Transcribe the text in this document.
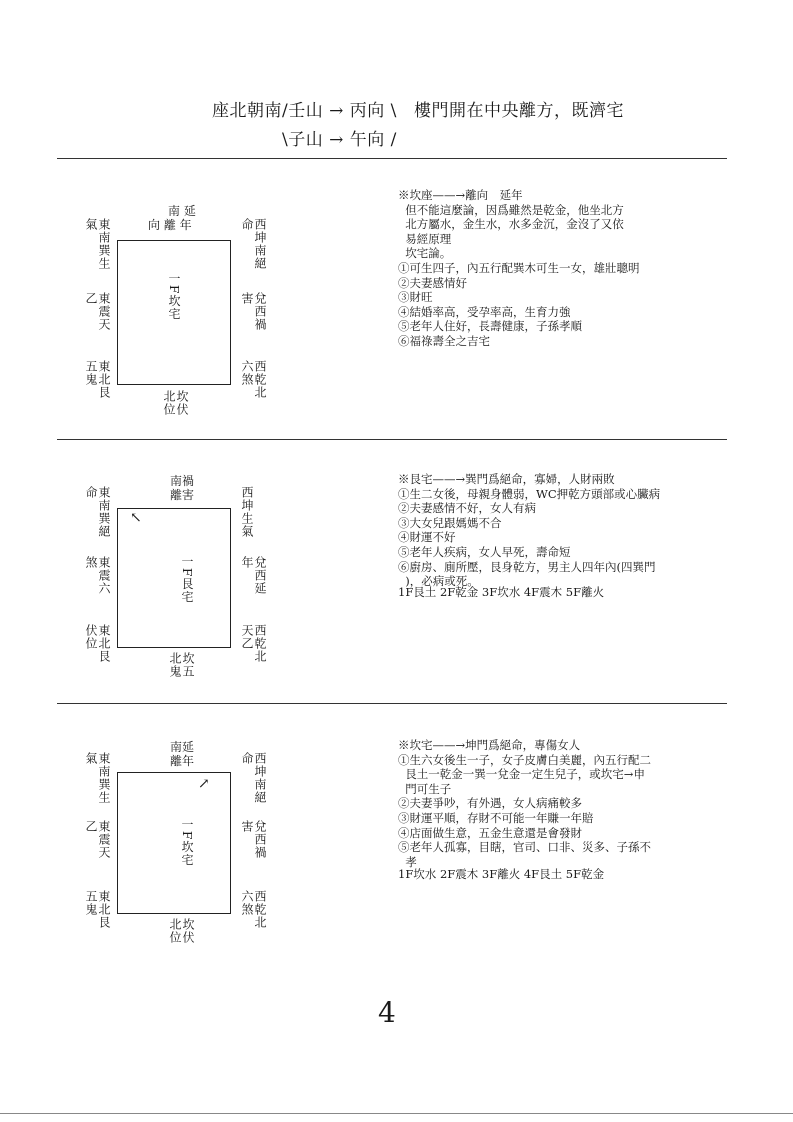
座北朝南 /壬山 → 丙向 \ 樓門開在中央離方，既濟宅
\子山 → 午向 /
南 延
向 離 年
東南巽生氣	西坤南絕命
東震天乙	兌西禍害
一F坎宅
東北艮五鬼	西乾北六煞
坎伏北位
※坎座——→離向　延年
但不能這麼論，因爲雖然是乾金，他坐北方
北方屬水，金生水，水多金沉，金沒了又依
易經原理
坎宅論。
①可生四子，內五行配巽木可生一女，雄壯聰明
②夫妻感情好
③財旺
④結婚率高，受孕率高，生育力強
⑤老年人住好，長壽健康，子孫孝順
⑥福祿壽全之吉宅
南禍
離害
東南巽絕命	西坤生氣
↖
東震六煞	兌西延年
一F艮宅
東北艮伏位	西乾北天乙
坎五北鬼
※艮宅——→巽門爲絕命，寡婦，人財兩敗
①生二女後，母親身體弱，WC押乾方頭部或心臟病
②夫妻感情不好，女人有病
③大女兒跟媽媽不合
④財運不好
⑤老年人疾病，女人早死，壽命短
⑥廚房、廁所壓，艮身乾方，男主人四年內(四巽門
)，必病或死。
1F艮土 2F乾金 3F坎水 4F震木 5F離火
南延
離年
東南巽生氣	西坤南絕命
↗
東震天乙	兌西禍害
一F坎宅
東北艮五鬼	西乾北六煞
坎伏北位
※坎宅——→坤門爲絕命，專傷女人
①生六女後生一子，女子皮膚白美麗，內五行配二
艮土一乾金一巽一兌金一定生兒子，或坎宅→申
門可生子
②夫妻爭吵，有外遇，女人病痛較多
③財運平順，存財不可能一年賺一年賠
④店面做生意，五金生意還是會發財
⑤老年人孤寡，目瞎，官司、口非、災多、子孫不
孝
1F坎水 2F震木 3F離火 4F艮土 5F乾金
4
